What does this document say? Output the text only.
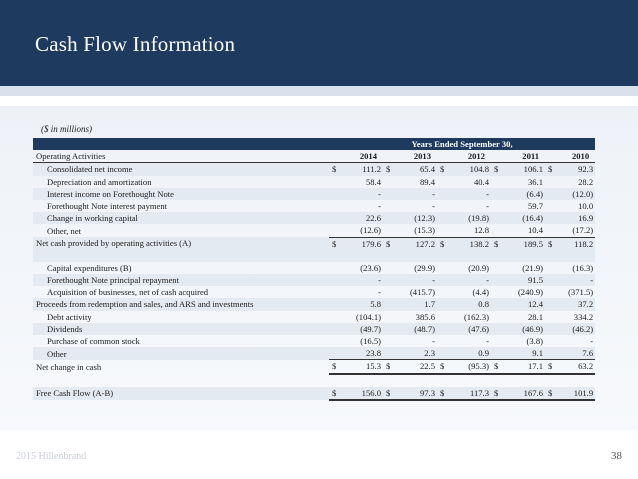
Cash Flow Information
($ in millions)
	Years Ended September 30,									
Operating Activities		2014		2013		2012		2011		2010
Consolidated net income	$	111.2	$	65.4	$	104.8	$	106.1	$	92.3
Depreciation and amortization		58.4		89.4		40.4		36.1		28.2
Interest income on Forethought Note		-		-		-		(6.4)		(12.0)
Forethought Note interest payment		-		-		-		59.7		10.0
Change in working capital		22.6		(12.3)		(19.8)		(16.4)		16.9
Other, net		(12.6)		(15.3)		12.8		10.4		(17.2)
Net cash provided by operating activities (A)	$	179.6	$	127.2	$	138.2	$	189.5	$	118.2

Capital expenditures (B)		(23.6)		(29.9)		(20.9)		(21.9)		(16.3)
Forethought Note principal repayment		-		-		-		91.5		-
Acquisition of businesses, net of cash acquired		-		(415.7)		(4.4)		(240.9)		(371.5)
Proceeds from redemption and sales, and ARS and investments		5.8		1.7		0.8		12.4		37.2
Debt activity		(104.1)		385.6		(162.3)		28.1		334.2
Dividends		(49.7)		(48.7)		(47.6)		(46.9)		(46.2)
Purchase of common stock		(16.5)		-		-		(3.8)		-
Other		23.8		2.3		0.9		9.1		7.6
Net change in cash	$	15.3	$	22.5	$	(95.3)	$	17.1	$	63.2

Free Cash Flow (A-B)	$	156.0	$	97.3	$	117.3	$	167.6	$	101.9
2015 Hillenbrand	38
